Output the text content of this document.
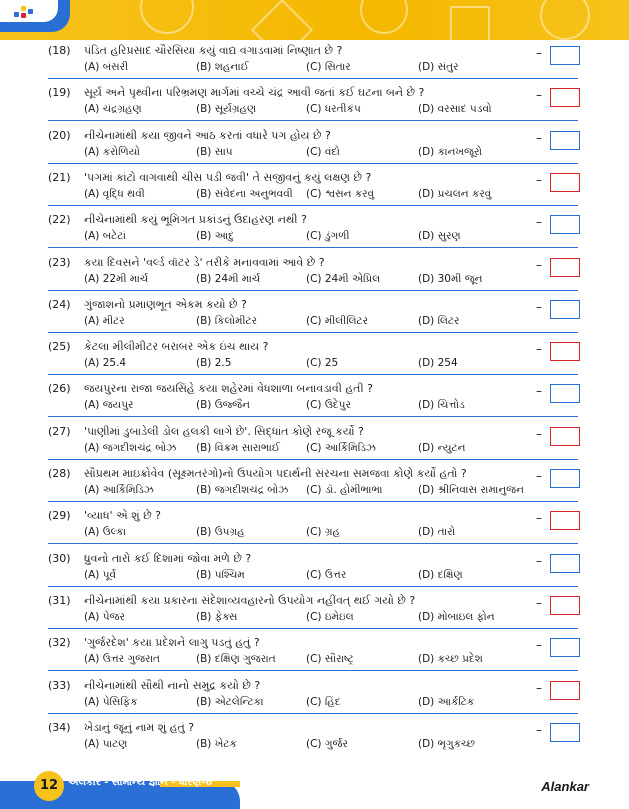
(18) પંડિત હરિપ્રસાદ ચૌરસિયા કયું વાદ્ય વગાડવામાં નિષ્ણાત છે ?
(A) બંસરી	(B) શહનાઈ	(C) સિતાર	(D) સંતુર
–
(19) સૂર્ય અને પૃથ્વીના પરિભ્રમણ માર્ગમાં વચ્ચે ચંદ્ર આવી જતાં કઈ ઘટના બને છે ?
(A) ચંદ્રગ્રહણ	(B) સૂર્યગ્રહણ	(C) ધરતીકંપ	(D) વરસાદ પડવો
–
(20) નીચેનામાંથી કયા જીવને આઠ કરતાં વધારે પગ હોય છે ?
(A) કરોળિયો	(B) સાપ	(C) વંદો	(D) કાનખજૂરો
–
(21) 'પગમાં કાંટો વાગવાથી ચીસ પડી જવી' તે સજીવનું કયું લક્ષણ છે ?
(A) વૃદ્ધિ થવી	(B) સંવેદના અનુભવવી (C) શ્વસન કરવું	(D) પ્રચલન કરવું
–
(22) નીચેનામાંથી કયું ભૂમિગત પ્રકાંડનું ઉદાહરણ નથી ?
(A) બટેટાં	(B) આદુ	(C) ડુંગળી	(D) સુરણ
–
(23) કયા દિવસને 'વર્લ્ડ વૉટર ડે' તરીકે મનાવવામાં આવે છે ?
(A) 22મી માર્ચ	(B) 24મી માર્ચ	(C) 24મી એપ્રિલ	(D) 30મી જૂન
–
(24) ગુંજાશનો પ્રમાણભૂત એકમ કયો છે ?
(A) મીટર	(B) કિલોમીટર	(C) મીલીલિટર	(D) લિટર
–
(25) કેટલા મીલીમીટર બરાબર એક ઇંચ થાય ?
(A) 25.4	(B) 2.5	(C) 25	(D) 254
–
(26) જયપુરના રાજા જયસિંહે કયા શહેરમાં વેધશાળા બનાવડાવી હતી ?
(A) જયપુર	(B) ઉજ્જૈન	(C) ઉદેપુર	(D) ચિત્તોડ
–
(27) 'પાણીમાં ડુબાડેલી ડોલ હલકી લાગે છે'. સિદ્ધાંત કોણે રજૂ કર્યો ?
(A) જગદીશચંદ્ર બોઝ (B) વિક્રમ સારાભાઈ (C) આર્કિમિડિઝ	(D) ન્યુટન
–
(28) સૌપ્રથમ માઇક્રોવેવ (સૂક્ષ્મતરંગો)નો ઉપયોગ પદાર્થની સંરચના સમજવા કોણે કર્યો હતો ?
(A) આર્કિમિડિઝ	(B) જગદીશચંદ્ર બોઝ (C) ડૉ. હોમીભાભા	(D) શ્રીનિવાસ રામાનુજન
–
(29) 'વ્યાધ' એ શું છે ?
(A) ઉલ્કા	(B) ઉપગ્રહ	(C) ગ્રહ	(D) તારો
–
(30) ધ્રુવનો તારો કઈ દિશામાં જોવા મળે છે ?
(A) પૂર્વ	(B) પશ્ચિમ	(C) ઉત્તર	(D) દક્ષિણ
–
(31) નીચેનામાંથી કયા પ્રકારના સંદેશાવ્યવહારનો ઉપયોગ નહીંવત્ થઈ ગયો છે ?
(A) પેજર	(B) ફેક્સ	(C) ઇમેઇલ	(D) મોબાઇલ ફોન
–
(32) 'ગુર્જરદેશ' કયા પ્રદેશને લાગુ પડતું હતું ?
(A) ઉત્તર ગુજરાત	(B) દક્ષિણ ગુજરાત	(C) સૌરાષ્ટ્ર	(D) કચ્છ પ્રદેશ
–
(33) નીચેનામાંથી સૌથી નાનો સમુદ્ર કયો છે ?
(A) પેસિફિક	(B) એટલેન્ટિકા	(C) હિંદ	(D) આર્કટિક
–
(34) ખેડાનું જૂનું નામ શું હતું ?
(A) પાટણ	(B) ખેટક	(C) ગુર્જર	(D) ભૃગુકચ્છ
–
12 અલંકાર - સામાન્ય જ્ઞાન - ધોરણ-6	Alankar
